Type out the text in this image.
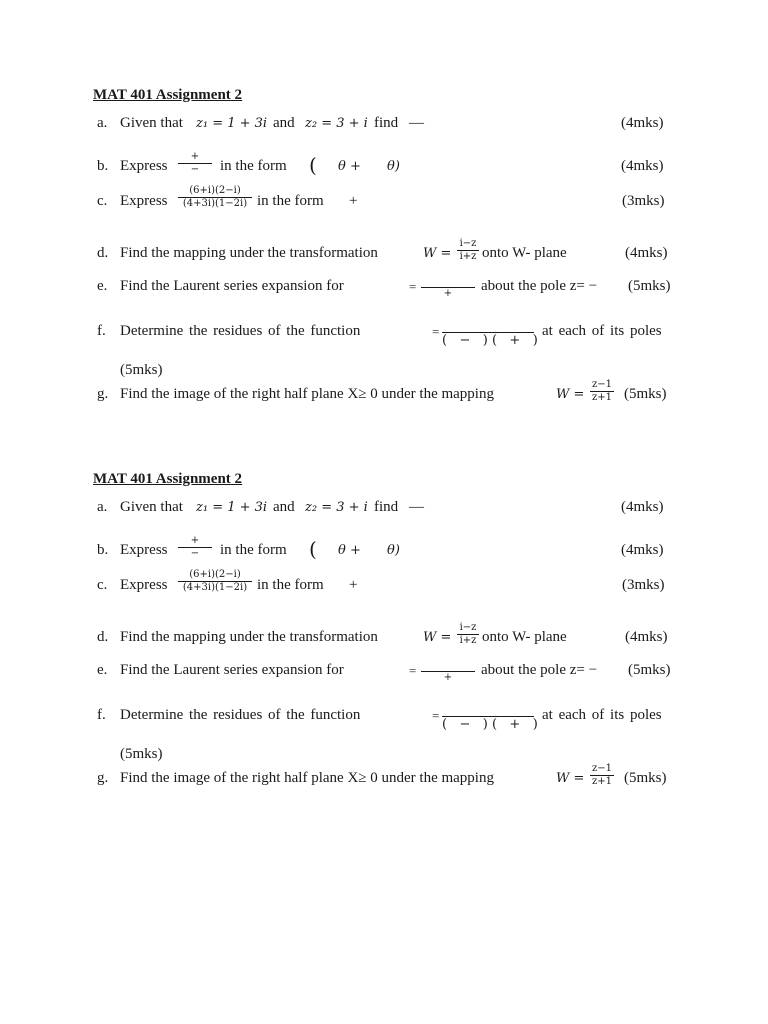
MAT 401 Assignment 2
a. Given that z₁ = 1 + 3i and z₂ = 3 + i find —	(4mks)
b. Express
+
−	in the form ( θ + θ)	(4mks)
c. Express $\frac{(6+i)(2-i)}{(4+3i)(1-2i)}$ in the form +	(3mks)
d. Find the mapping under the transformation	$W = \frac{i-z}{i+z}$ onto W- plane	(4mks)
e. Find the Laurent series expansion for	=	+	about the pole z= − (5mks)
f. Determine the residues of the function	=
(   −   ) (   +   )
at each of its poles
(5mks)
g. Find the image of the right half plane X≥ 0 under the mapping	$W = \frac{z-1}{z+1} (5mks)$
MAT 401 Assignment 2
a. Given that z₁ = 1 + 3i and z₂ = 3 + i find —	(4mks)
b. Express
+
−	in the form ( θ + θ)	(4mks)
c. Express $\frac{(6+i)(2-i)}{(4+3i)(1-2i)}$ in the form +	(3mks)
d. Find the mapping under the transformation	$W = \frac{i-z}{i+z}$ onto W- plane	(4mks)
e. Find the Laurent series expansion for	=	+	about the pole z= − (5mks)
f. Determine the residues of the function	=
(   −   ) (   +   )
at each of its poles
(5mks)
g. Find the image of the right half plane X≥ 0 under the mapping	$W = \frac{z-1}{z+1} (5mks)$
